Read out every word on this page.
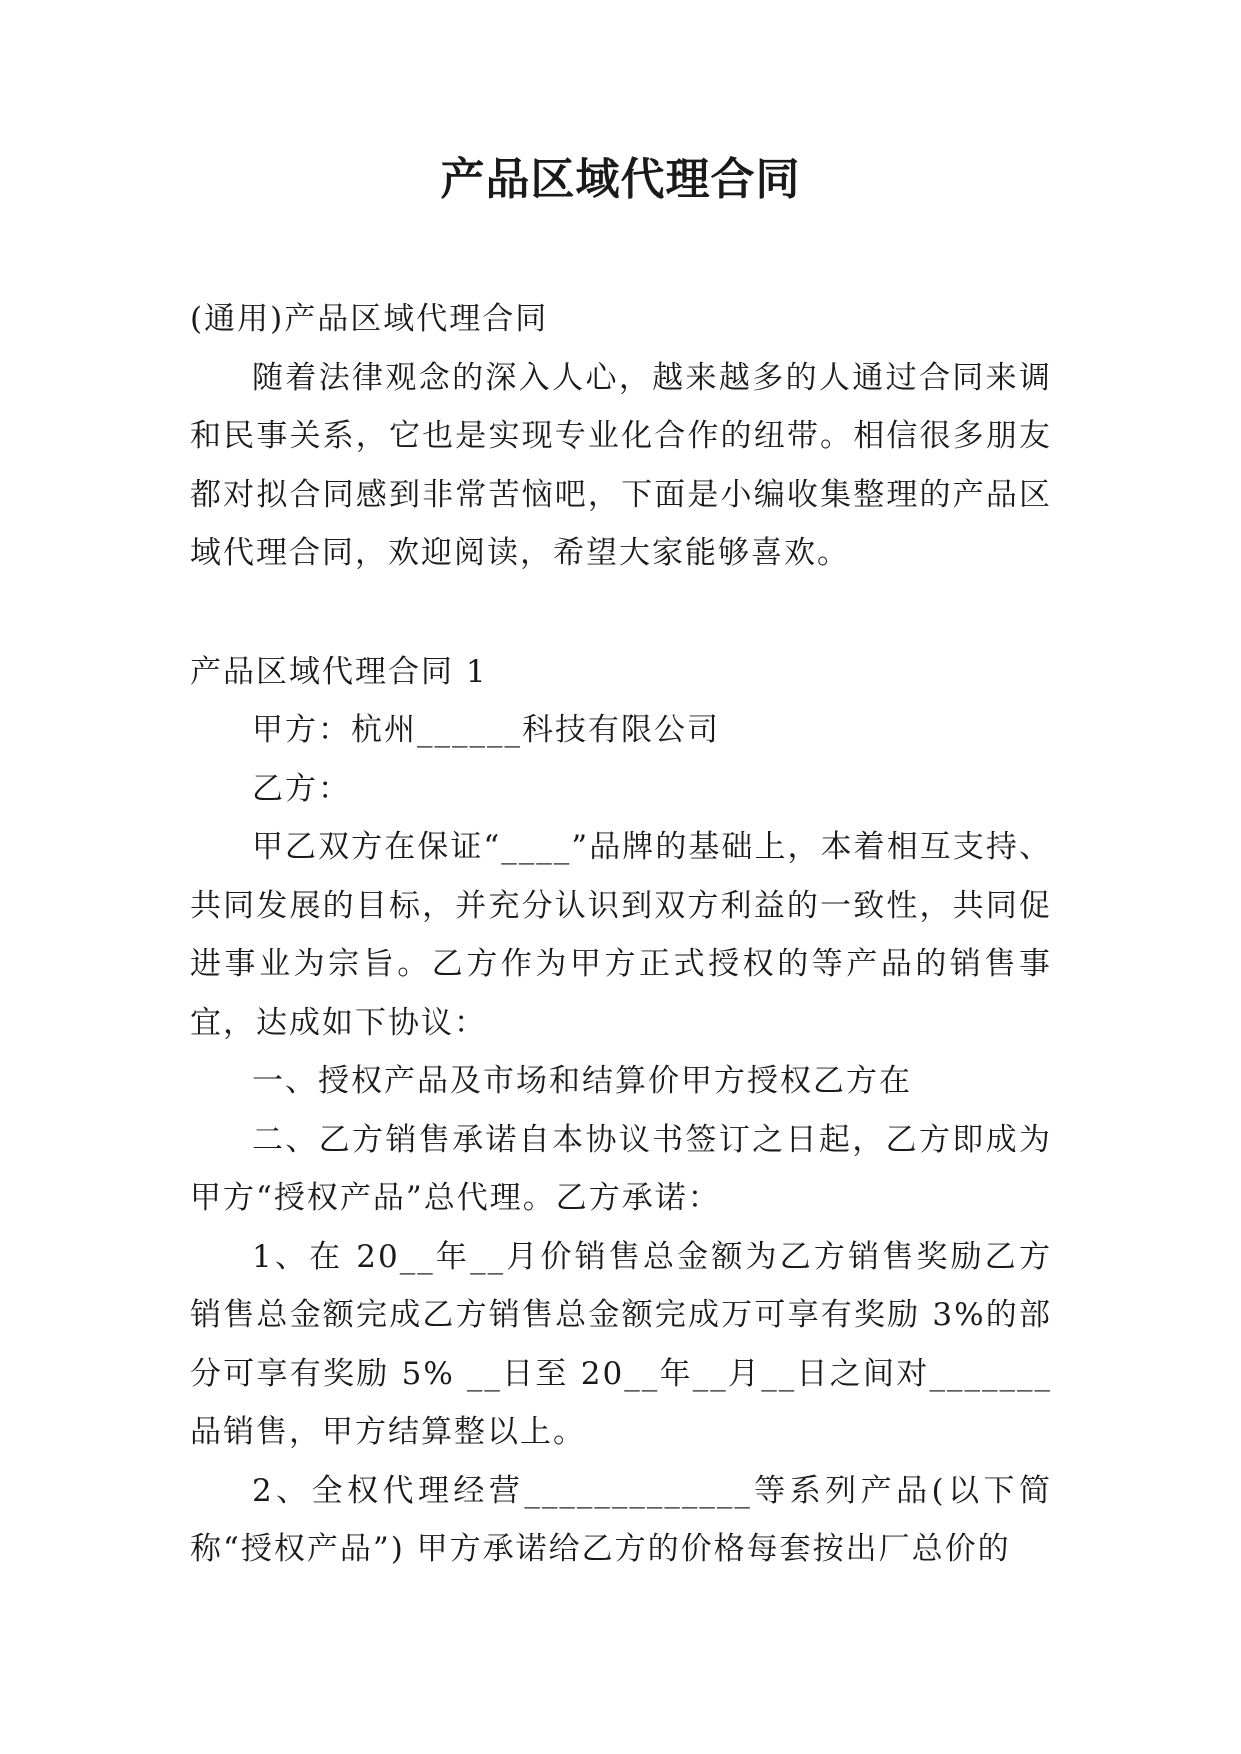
产品区域代理合同

(通用)产品区域代理合同

随着法律观念的深入人心，越来越多的人通过合同来调和民事关系，它也是实现专业化合作的纽带。相信很多朋友都对拟合同感到非常苦恼吧，下面是小编收集整理的产品区域代理合同，欢迎阅读，希望大家能够喜欢。

产品区域代理合同 1

甲方：杭州______科技有限公司

乙方：

甲乙双方在保证“____”品牌的基础上，本着相互支持、共同发展的目标，并充分认识到双方利益的一致性，共同促进事业为宗旨。乙方作为甲方正式授权的等产品的销售事宜，达成如下协议：

一、授权产品及市场和结算价甲方授权乙方在

二、乙方销售承诺自本协议书签订之日起，乙方即成为甲方“授权产品”总代理。乙方承诺：

1、在 20__年__月价销售总金额为乙方销售奖励乙方销售总金额完成乙方销售总金额完成万可享有奖励 3%的部分可享有奖励 5% __日至 20__年__月__日之间对_______品销售，甲方结算整以上。

2、全权代理经营_____________等系列产品(以下简称“授权产品”) 甲方承诺给乙方的价格每套按出厂总价的
